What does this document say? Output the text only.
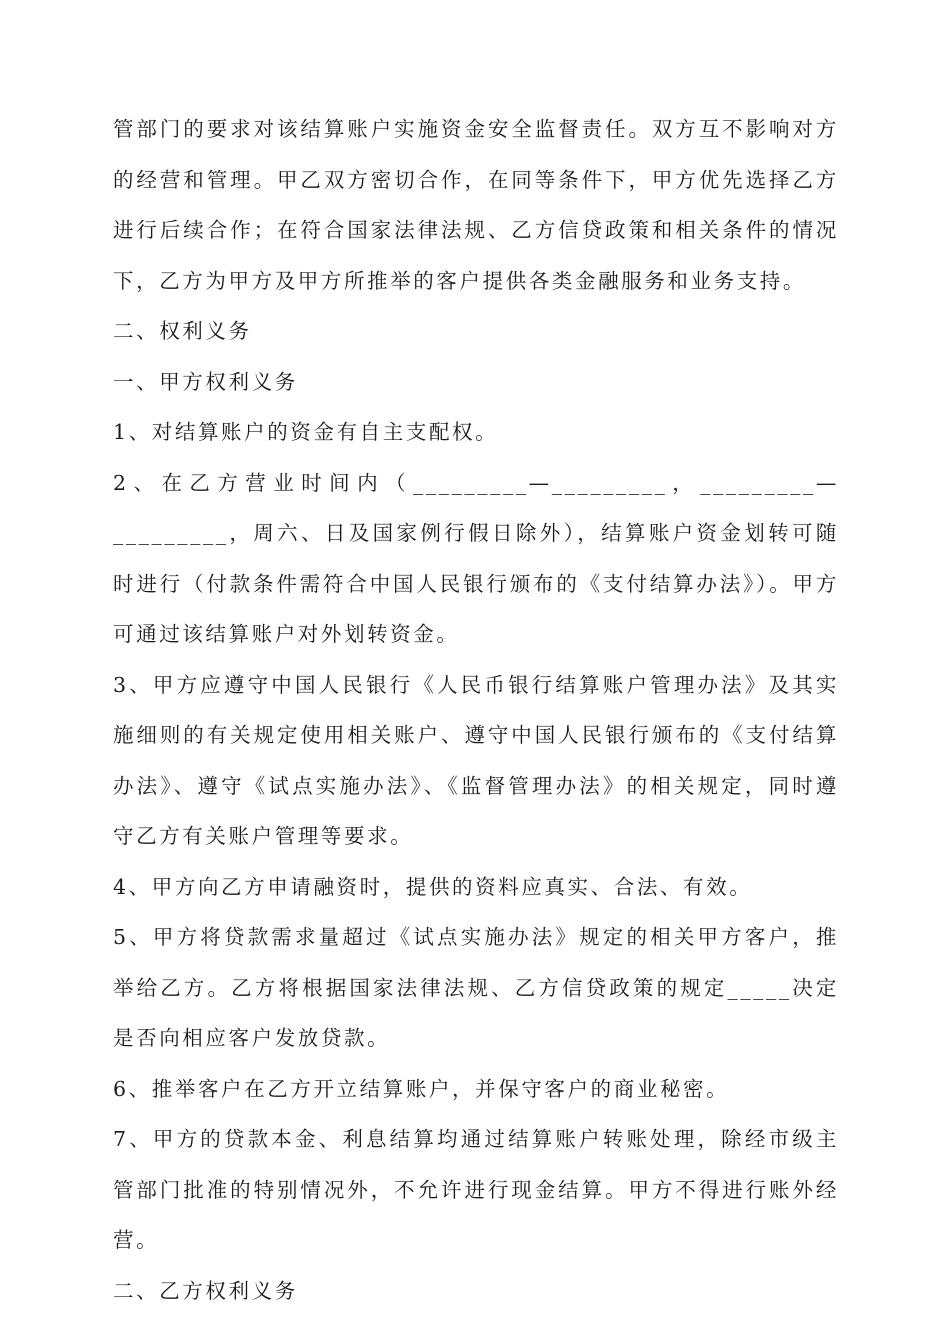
管部门的要求对该结算账户实施资金安全监督责任。双方互不影响对方的经营和管理。甲乙双方密切合作，在同等条件下，甲方优先选择乙方进行后续合作；在符合国家法律法规、乙方信贷政策和相关条件的情况下，乙方为甲方及甲方所推举的客户提供各类金融服务和业务支持。

二、权利义务

一、甲方权利义务

1、对结算账户的资金有自主支配权。

2、在乙方营业时间内（_________—_________，_________—_________，周六、日及国家例行假日除外），结算账户资金划转可随时进行（付款条件需符合中国人民银行颁布的《支付结算办法》）。甲方可通过该结算账户对外划转资金。

3、甲方应遵守中国人民银行《人民币银行结算账户管理办法》及其实施细则的有关规定使用相关账户、遵守中国人民银行颁布的《支付结算办法》、遵守《试点实施办法》、《监督管理办法》的相关规定，同时遵守乙方有关账户管理等要求。

4、甲方向乙方申请融资时，提供的资料应真实、合法、有效。

5、甲方将贷款需求量超过《试点实施办法》规定的相关甲方客户，推举给乙方。乙方将根据国家法律法规、乙方信贷政策的规定_____决定是否向相应客户发放贷款。

6、推举客户在乙方开立结算账户，并保守客户的商业秘密。

7、甲方的贷款本金、利息结算均通过结算账户转账处理，除经市级主管部门批准的特别情况外，不允许进行现金结算。甲方不得进行账外经营。

二、乙方权利义务
